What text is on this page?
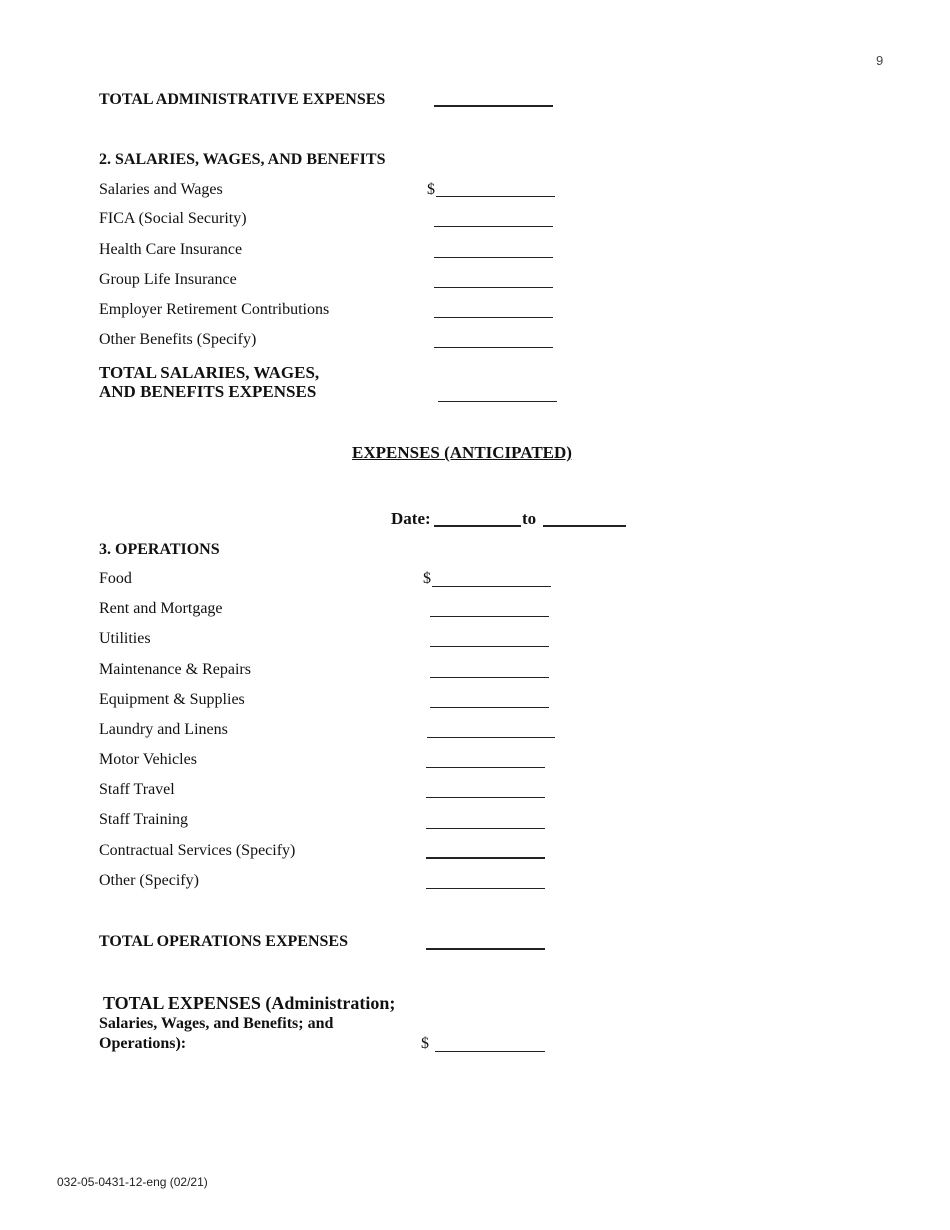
9
TOTAL ADMINISTRATIVE EXPENSES
2. SALARIES, WAGES, AND BENEFITS
Salaries and Wages	$
FICA (Social Security)
Health Care Insurance
Group Life Insurance
Employer Retirement Contributions
Other Benefits (Specify)
TOTAL SALARIES, WAGES,
AND BENEFITS EXPENSES
EXPENSES (ANTICIPATED)
Date:	to
3. OPERATIONS
Food	$
Rent and Mortgage
Utilities
Maintenance & Repairs
Equipment & Supplies
Laundry and Linens
Motor Vehicles
Staff Travel
Staff Training
Contractual Services (Specify)
Other (Specify)
TOTAL OPERATIONS EXPENSES
TOTAL EXPENSES (Administration;
Salaries, Wages, and Benefits; and
Operations):	$
032-05-0431-12-eng (02/21)
